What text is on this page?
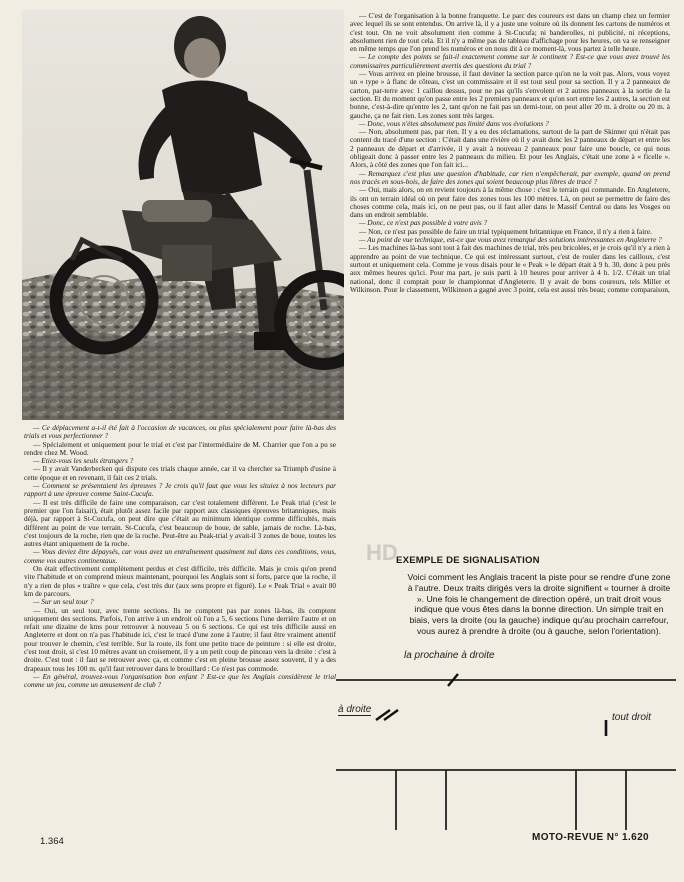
— Ce déplacement a-t-il été fait à l'occasion de vacances, ou plus spécialement pour faire là-bas des trials et vous perfectionner ?

— Spécialement et uniquement pour le trial et c'est par l'intermédiaire de M. Charrier que l'on a pu se rendre chez M. Wood.

— Etiez-vous les seuls étrangers ?

— Il y avait Vanderbecken qui dispute ces trials chaque année, car il va chercher sa Triumph d'usine à cette époque et en revenant, il fait ces 2 trials.

— Comment se présentaient les épreuves ? Je crois qu'il faut que vous les situiez à nos lecteurs par rapport à une épreuve comme Saint-Cucufa.

— Il est très difficile de faire une comparaison, car c'est totalement différent. Le Peak trial (c'est le premier que l'on faisait), était plutôt assez facile par rapport aux classiques épreuves britanniques, mais déjà, par rapport à St-Cucufa, on peut dire que c'était au minimum identique comme difficultés, mais différent au point de vue terrain. St-Cucufa, c'est beaucoup de boue, de sable, jamais de roche. Là-bas, c'est toujours de la roche, rien que de la roche. Peut-être au Peak-trial y avait-il 3 zones de boue, toutes les autres étant uniquement de la roche.

— Vous deviez être dépaysés, car vous avez un entraînement quasiment nul dans ces conditions, vous, comme vos autres continentaux.

On était effectivement complètement perdus et c'est difficile, très difficile. Mais je crois qu'on prend vite l'habitude et on comprend mieux maintenant, pourquoi les Anglais sont si forts, parce que la roche, il n'y a rien de plus « traître » que cela, c'est très dur (aux sens propre et figuré). Le « Peak Trial » avait 80 km de parcours.

— Sur un seul tour ?

— Oui, un seul tour, avec trente sections. Ils ne comptent pas par zones là-bas, ils comptent uniquement des sections. Parfois, l'on arrive à un endroit où l'on a 5, 6 sections l'une derrière l'autre et on refait une dizaine de kms pour retrouver à nouveau 5 ou 6 sections. Ce qui est très difficile aussi en Angleterre et dont on n'a pas l'habitude ici, c'est le tracé d'une zone à l'autre; il faut être vraiment attentif pour trouver le chemin, c'est terrible. Sur la route, ils font une petite trace de peinture : si elle est droite, c'est tout droit, si c'est 10 mètres avant un croisement, il y a un petit coup de pinceau vers la droite : c'est à droite. C'est tout : il faut se retrouver avec ça, et comme c'est en pleine brousse assez souvent, il y a des drapeaux tous les 100 m. qu'il faut retrouver dans le brouillard : Ce n'est pas commode.

— En général, trouvez-vous l'organisation bon enfant ? Est-ce que les Anglais considèrent le trial comme un jeu, comme un amusement de club ?

— C'est de l'organisation à la bonne franquette. Le parc des coureurs est dans un champ chez un fermier avec lequel ils se sont entendus. On arrive là, il y a juste une voiture où ils donnent les cartons de numéros et c'est tout. On ne voit absolument rien comme à St-Cucufa; ni banderolles, ni publicité, ni réceptions, absolument rien de tout cela. Et il n'y a même pas de tableau d'affichage pour les heures, on va se renseigner en même temps que l'on prend les numéros et on nous dit à ce moment-là, vous partez à telle heure.

— Le compte des points se fait-il exactement comme sur le continent ? Est-ce que vous avez trouvé les commissaires particulièrement avertis des questions du trial ?

— Vous arrivez en pleine brousse, il faut deviner la section parce qu'on ne la voit pas. Alors, vous voyez un « type » à flanc de côteau, c'est un commissaire et il est tout seul pour sa section. Il y a 2 panneaux de carton, par-terre avec 1 caillou dessus, pour ne pas qu'ils s'envolent et 2 autres panneaux à la sortie de la section. Et du moment qu'on passe entre les 2 premiers panneaux et qu'on sort entre les 2 autres, la section est bonne, c'est-à-dire qu'entre les 2, tant qu'on ne fait pas un demi-tour, on peut aller 20 m. à droite ou 20 m. à gauche, ça ne fait rien. Les zones sont très larges.

— Donc, vous n'étes absolument pas limité dans vos évolutions ?

— Non, absolument pas, par rien. Il y a eu des réclamations, surtout de la part de Skinner qui n'était pas content du tracé d'une section : C'était dans une rivière où il y avait donc les 2 panneaux de départ et entre les 2 panneaux de départ et d'arrivée, il y avait à nouveau 2 panneaux pour faire une boucle, ce qui nous obligeait donc à passer entre les 2 panneaux du milieu. Et pour les Anglais, c'était une zone à « ficelle ». Alors, à côté des zones que l'on fait ici...

— Remarquez c'est plus une question d'habitude, car rien n'empêcherait, par exemple, quand on prend nos tracés en sous-bois, de faire des zones qui soient beaucoup plus libres de tracé ?

— Oui, mais alors, on en revient toujours à la même chose : c'est le terrain qui commande. En Angleterre, ils ont un terrain idéal où on peut faire des zones tous les 100 mètres. Là, on peut se permettre de faire des choses comme cela, mais ici, on ne peut pas, ou il faut aller dans le Massif Central ou dans les Vosges ou dans un endroit semblable.

— Donc, ce n'est pas possible à votre avis ?

— Non, ce n'est pas possible de faire un trial typiquement britannique en France, il n'y a rien à faire.

— Au point de vue technique, est-ce que vous avez remarqué des solutions intéressantes en Angleterre ?

— Les machines là-bas sont tout à fait des machines de trial, très peu bricolées, et je crois qu'il n'y a rien à apprendre au point de vue technique. Ce qui est intéressant surtout, c'est de rouler dans les cailloux, c'est surtout et uniquement cela. Comme je vous disais pour le « Peak » le départ était à 9 h. 30, donc à peu près aux mêmes heures qu'ici. Pour ma part, je suis parti à 10 heures pour arriver à 4 h. 1/2. C'était un trial national, donc il comptait pour le championnat d'Angleterre. Il y avait de bons coureurs, tels Miller et Wilkinson. Pour le classement, Wilkinson a gagné avec 3 point, cela est aussi très beau; comme comparaison,

HD
EXEMPLE DE SIGNALISATION
Voici comment les Anglais tracent la piste pour se rendre d'une zone à l'autre. Deux traits dirigés vers la droite signifient « tourner à droite ». Une fois le changement de direction opéré, un trait droit vous indique que vous êtes dans la bonne direction. Un simple trait en biais, vers la droite (ou la gauche) indique qu'au prochain carrefour, vous aurez à prendre à droite (ou à gauche, selon l'orientation).
la prochaine à droite
à droite
tout droit
1.364	MOTO-REVUE N° 1.620
